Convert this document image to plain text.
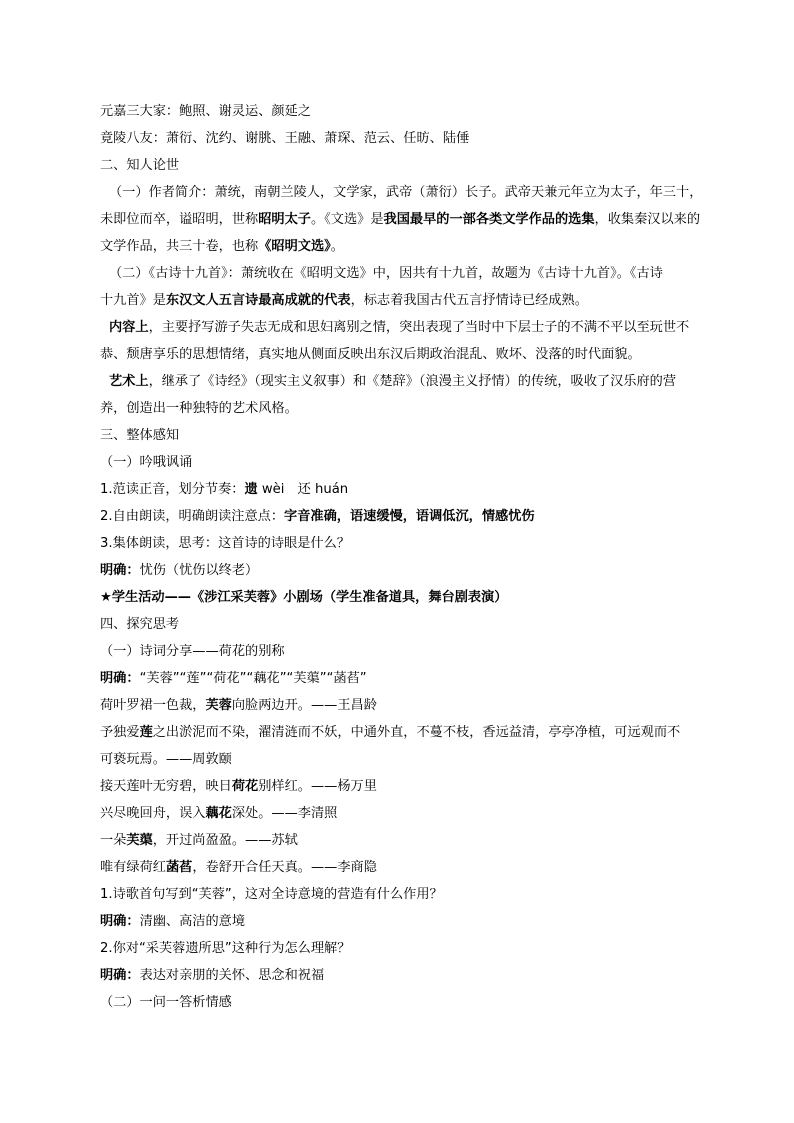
元嘉三大家：鲍照、谢灵运、颜延之
竟陵八友：萧衍、沈约、谢朓、王融、萧琛、范云、任昉、陆倕
二、知人论世
（一）作者简介：萧统，南朝兰陵人，文学家，武帝（萧衍）长子。武帝天兼元年立为太子，年三十，
未即位而卒，谥昭明，世称昭明太子。《文选》是我国最早的一部各类文学作品的选集，收集秦汉以来的
文学作品，共三十卷，也称《昭明文选》。
（二）《古诗十九首》：萧统收在《昭明文选》中，因共有十九首，故题为《古诗十九首》。《古诗
十九首》是东汉文人五言诗最高成就的代表，标志着我国古代五言抒情诗已经成熟。
内容上，主要抒写游子失志无成和思妇离别之情，突出表现了当时中下层士子的不满不平以至玩世不
恭、颓唐享乐的思想情绪，真实地从侧面反映出东汉后期政治混乱、败坏、没落的时代面貌。
艺术上，继承了《诗经》（现实主义叙事）和《楚辞》（浪漫主义抒情）的传统，吸收了汉乐府的营
养，创造出一种独特的艺术风格。
三、整体感知
（一）吟哦讽诵
1.范读正音，划分节奏：遗 wèi　还 huán
2.自由朗读，明确朗读注意点：字音准确，语速缓慢，语调低沉，情感忧伤
3.集体朗读，思考：这首诗的诗眼是什么？
明确：忧伤（忧伤以终老）
★学生活动——《涉江采芙蓉》小剧场（学生准备道具，舞台剧表演）
四、探究思考
（一）诗词分享——荷花的别称
明确：“芙蓉”“莲”“荷花”“藕花”“芙蕖”“菡萏”
荷叶罗裙一色裁，芙蓉向脸两边开。——王昌龄
予独爱莲之出淤泥而不染，濯清涟而不妖，中通外直，不蔓不枝，香远益清，亭亭净植，可远观而不
可亵玩焉。——周敦颐
接天莲叶无穷碧，映日荷花别样红。——杨万里
兴尽晚回舟，误入藕花深处。——李清照
一朵芙蕖，开过尚盈盈。——苏轼
唯有绿荷红菡萏，卷舒开合任天真。——李商隐
1.诗歌首句写到“芙蓉”，这对全诗意境的营造有什么作用？
明确：清幽、高洁的意境
2.你对“采芙蓉遗所思”这种行为怎么理解？
明确：表达对亲朋的关怀、思念和祝福
（二）一问一答析情感
